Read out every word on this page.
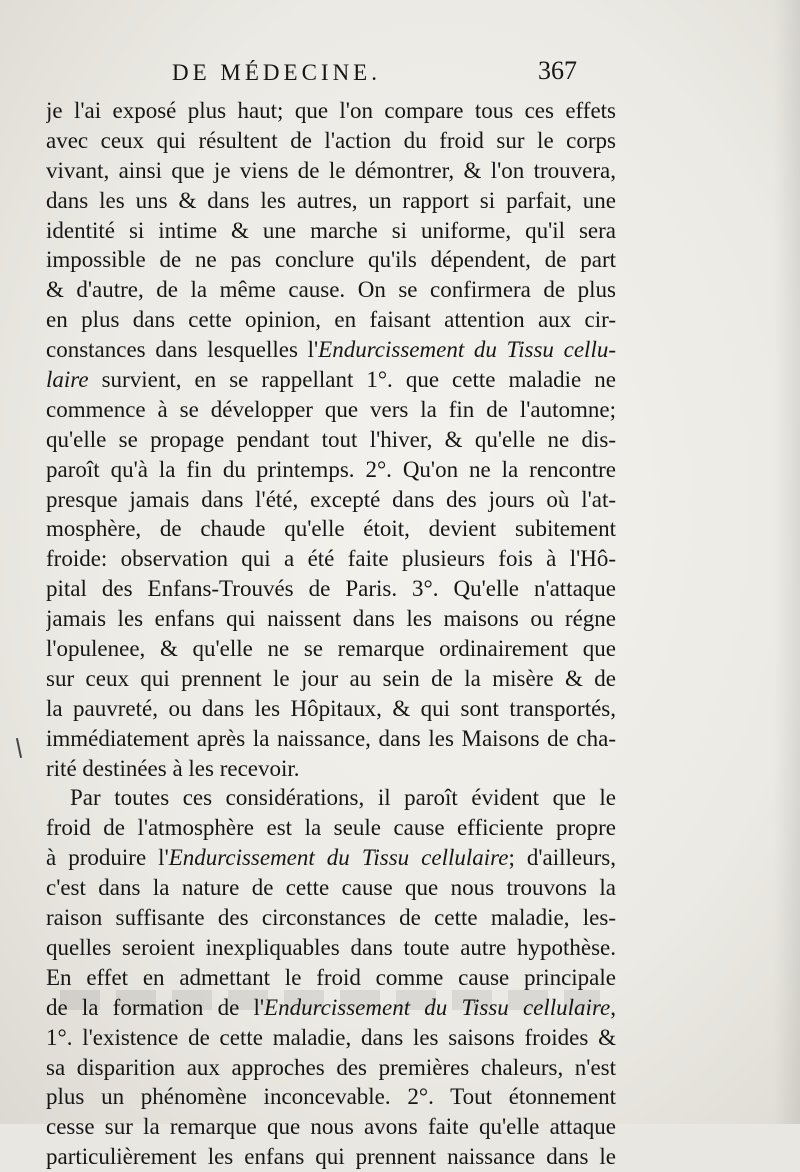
DE MÉDECINE.	367
je l'ai exposé plus haut; que l'on compare tous ces effets
avec ceux qui résultent de l'action du froid sur le corps
vivant, ainsi que je viens de le démontrer, & l'on trouvera,
dans les uns & dans les autres, un rapport si parfait, une
identité si intime & une marche si uniforme, qu'il sera
impossible de ne pas conclure qu'ils dépendent, de part
& d'autre, de la même cause. On se confirmera de plus
en plus dans cette opinion, en faisant attention aux cir-
constances dans lesquelles l'Endurcissement du Tissu cellu-
laire survient, en se rappellant 1°. que cette maladie ne
commence à se développer que vers la fin de l'automne;
qu'elle se propage pendant tout l'hiver, & qu'elle ne dis-
paroît qu'à la fin du printemps. 2°. Qu'on ne la rencontre
presque jamais dans l'été, excepté dans des jours où l'at-
mosphère, de chaude qu'elle étoit, devient subitement
froide: observation qui a été faite plusieurs fois à l'Hô-
pital des Enfans-Trouvés de Paris. 3°. Qu'elle n'attaque
jamais les enfans qui naissent dans les maisons ou régne
l'opulenee, & qu'elle ne se remarque ordinairement que
sur ceux qui prennent le jour au sein de la misère & de
la pauvreté, ou dans les Hôpitaux, & qui sont transportés,
immédiatement après la naissance, dans les Maisons de cha-
rité destinées à les recevoir.
Par toutes ces considérations, il paroît évident que le
froid de l'atmosphère est la seule cause efficiente propre
à produire l'Endurcissement du Tissu cellulaire; d'ailleurs,
c'est dans la nature de cette cause que nous trouvons la
raison suffisante des circonstances de cette maladie, les-
quelles seroient inexpliquables dans toute autre hypothèse.
En effet en admettant le froid comme cause principale
de la formation de l'Endurcissement du Tissu cellulaire,
1°. l'existence de cette maladie, dans les saisons froides &
sa disparition aux approches des premières chaleurs, n'est
plus un phénomène inconcevable. 2°. Tout étonnement
cesse sur la remarque que nous avons faite qu'elle attaque
particulièrement les enfans qui prennent naissance dans le
